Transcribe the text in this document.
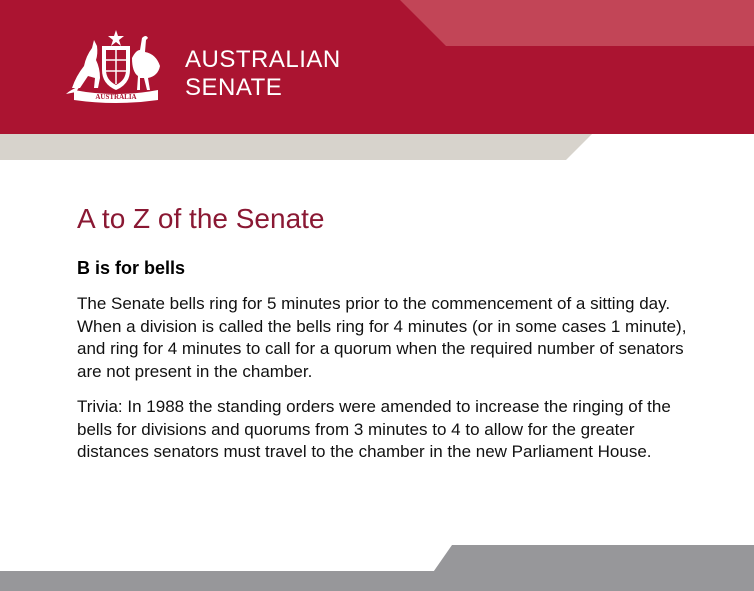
AUSTRALIA
AUSTRALIAN
SENATE
A to Z of the Senate
B is for bells

The Senate bells ring for 5 minutes prior to the commencement of a sitting day. When a division is called the bells ring for 4 minutes (or in some cases 1 minute), and ring for 4 minutes to call for a quorum when the required number of senators are not present in the chamber.

Trivia: In 1988 the standing orders were amended to increase the ringing of the bells for divisions and quorums from 3 minutes to 4 to allow for the greater distances senators must travel to the chamber in the new Parliament House.
